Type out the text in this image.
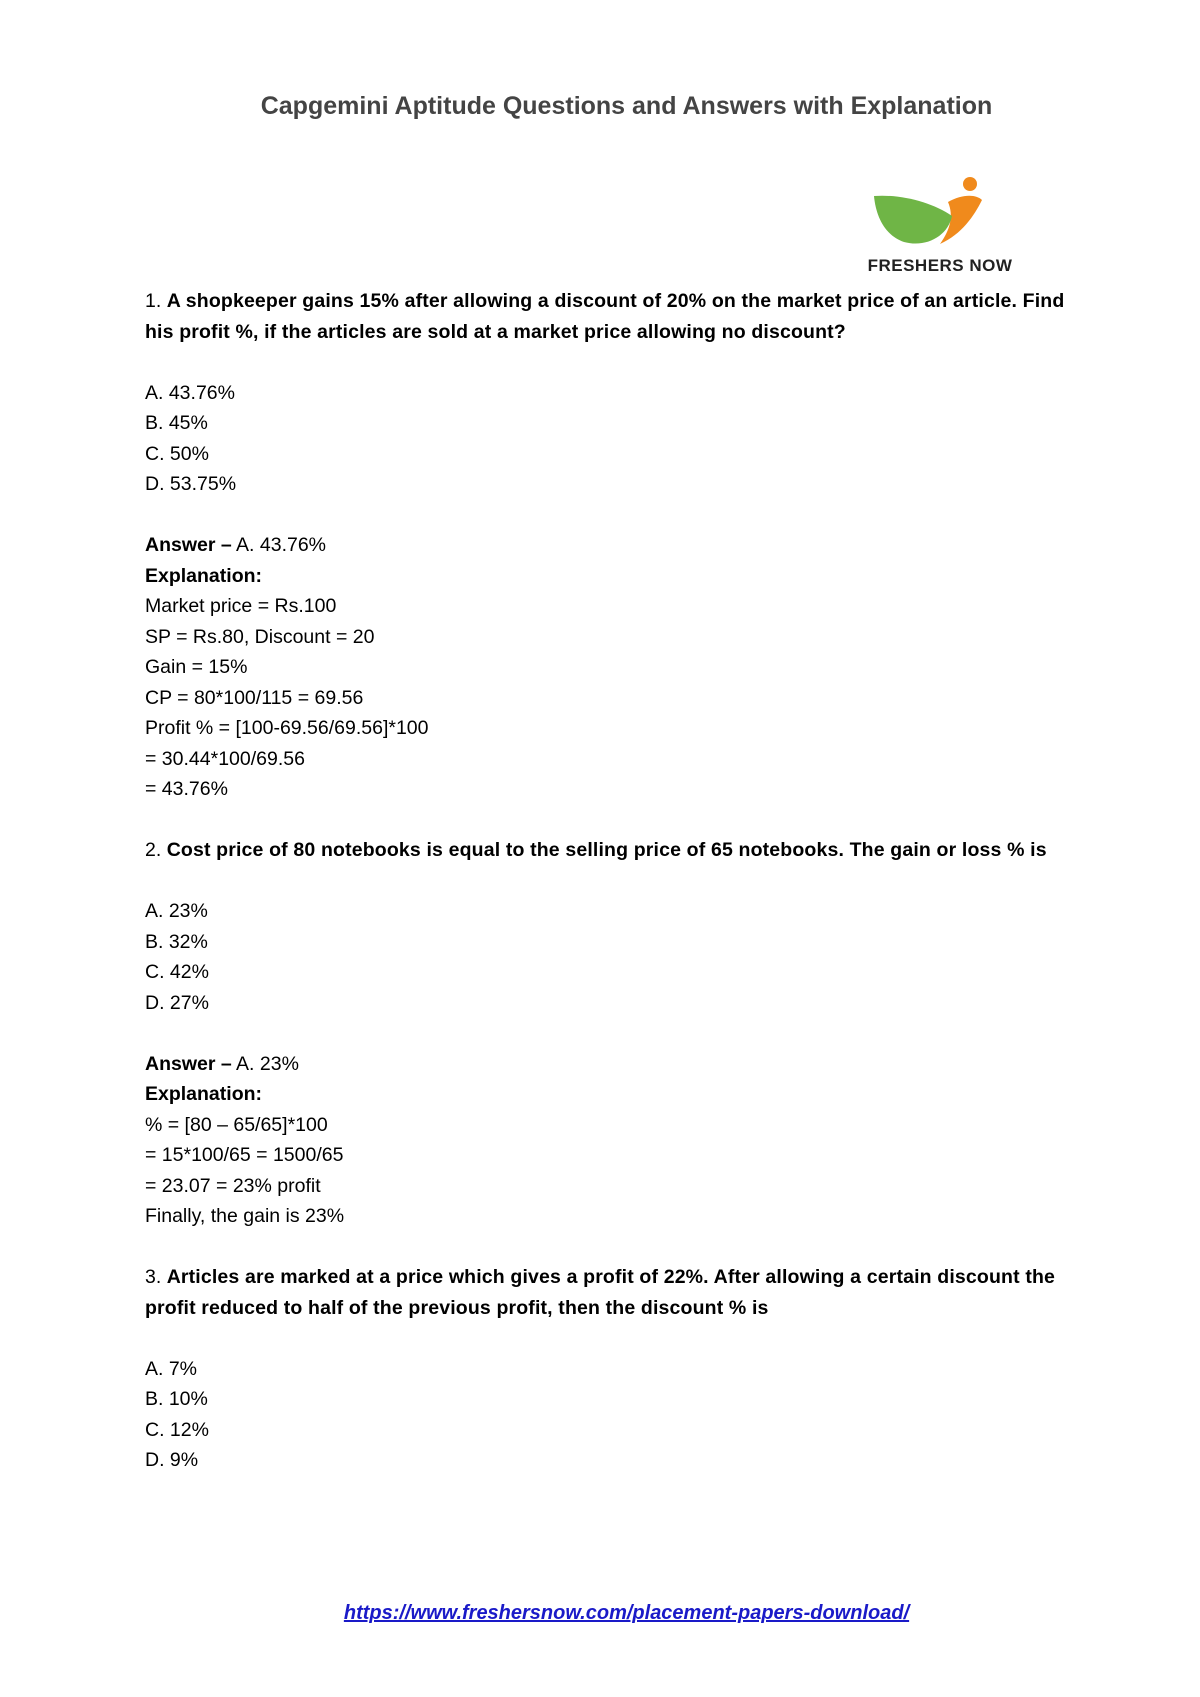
Capgemini Aptitude Questions and Answers with Explanation
FRESHERS NOW
1. A shopkeeper gains 15% after allowing a discount of 20% on the market price of an article. Find his profit %, if the articles are sold at a market price allowing no discount?
A. 43.76%
B. 45%
C. 50%
D. 53.75%
Answer – A. 43.76%
Explanation:
Market price = Rs.100
SP = Rs.80, Discount = 20
Gain = 15%
CP = 80*100/115 = 69.56
Profit % = [100-69.56/69.56]*100
= 30.44*100/69.56
= 43.76%
2. Cost price of 80 notebooks is equal to the selling price of 65 notebooks. The gain or loss % is
A. 23%
B. 32%
C. 42%
D. 27%
Answer – A. 23%
Explanation:
% = [80 – 65/65]*100
= 15*100/65 = 1500/65
= 23.07 = 23% profit
Finally, the gain is 23%
3. Articles are marked at a price which gives a profit of 22%. After allowing a certain discount the profit reduced to half of the previous profit, then the discount % is
A. 7%
B. 10%
C. 12%
D. 9%
https://www.freshersnow.com/placement-papers-download/
